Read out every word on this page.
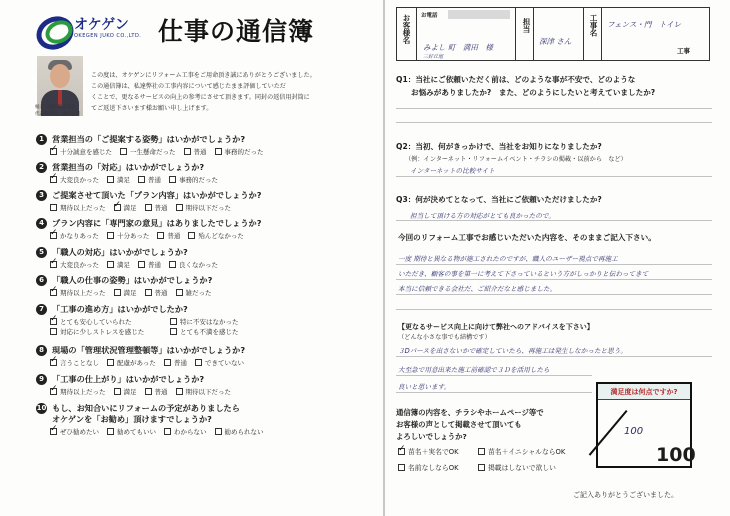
オケゲン
OKEGEN JUKO CO.,LTD. 仕事の通信簿
桶元工務店株式会社
代表取締役　梅村之洞
この度は、オケゲンにリフォーム工事をご用命頂き誠にありがとうございました。
この通信簿は、私達弊社の工事内容について感じたまま評価していただ
くことで、更なるサービスの向上の参考にさせて頂きます。同封の返信用封筒に
てご返送下さいます様お願い申し上げます。
1 営業担当の「ご提案する姿勢」はいかがでしょうか?
✓
十分誠意を感じた	一生懸命だった	普通	事務的だった
2 営業担当の「対応」はいかがでしょうか?
✓
大変良かった	満足	普通	事務的だった
3 ご提案させて頂いた「プラン内容」はいかがでしょうか?
期待以上だった
✓	満足	普通	期待以下だった
4 プラン内容に「専門家の意見」はありましたでしょうか?
✓
かなりあった	十分あった	普通	殆んどなかった
5 「職人の対応」はいかがでしょうか?
✓
大変良かった	満足	普通	良くなかった
6 「職人の仕事の姿勢」はいかがでしょうか?
✓
期待以上だった	満足	普通	雑だった
7 「工事の進め方」はいかがでしたか?
✓
とても安心していられた	特に不安はなかった
対応に少しストレスを感じた	とても不満を感じた
8 現場の「管理状況管理整頓等」はいかがでしょうか?
✓
言うことなし	配慮があった	普通	できていない
9 「工事の仕上がり」はいかがでしょうか?
✓
期待以上だった	満足	普通	期待以下だった
10 もし、お知合いにリフォームの予定がありましたら
オケゲンを「お勧め」頂けますでしょうか?
✓
ぜひ勧めたい	勧めてもいい	わからない	勧められない
お客様名 お電話
みよし 町　満田　様
三好丘旭
担当
深津 さん
工事名 フェンス・門　トイレ
工事
Q1：当社にご依頼いただく前は、どのような事が不安で、どのような
お悩みがありましたか?　また、どのようにしたいと考えていましたか?
Q2：当初、何がきっかけで、当社をお知りになりましたか?
（例：インターネット・リフォームイベント・チラシの掲載・以前から　など）
インターネットの比較サイト
Q3：何が決めてとなって、当社にご依頼いただけましたか?
担当して頂ける方の対応がとても良かったので。
今回のリフォーム工事でお感じいただいた内容を、そのままご記入下さい。
一度 期待と異なる物が施工されたのですが、職人のユーザー視点で再施工
いただき、顧客の事を第一に考えて下さっているという方がしっかりと伝わってきて
本当に信頼できる会社だ、ご紹介だなと感じました。
【更なるサービス向上に向けて弊社へのアドバイスを下さい】
（どんな小さな事でも結構です）
３Dパースを出さないかで確定していたら、再施工は発生しなかったと思う。
大至急で用意出来た施工前確認で３Ｄを活用したら
良いと思います。
満足度は何点ですか?
100
100
通信簿の内容を、チラシやホームページ等で
お客様の声として掲載させて頂いても
よろしいでしょうか?
✓
苗名＋実名でOK	苗名＋イニシャルならOK
名前なしならOK	掲載はしないで欲しい
ご記入ありがとうございました。
